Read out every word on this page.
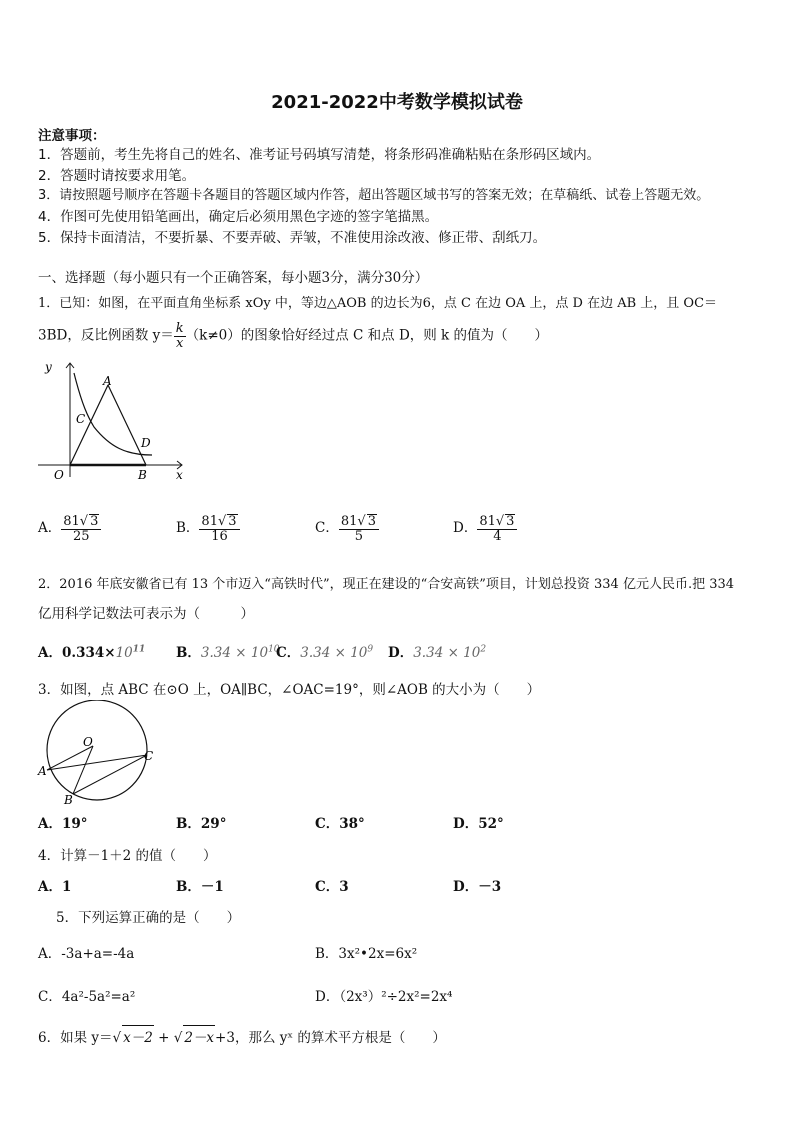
2021-2022中考数学模拟试卷
注意事项：
1．答题前，考生先将自己的姓名、准考证号码填写清楚，将条形码准确粘贴在条形码区域内。
2．答题时请按要求用笔。
3．请按照题号顺序在答题卡各题目的答题区域内作答，超出答题区域书写的答案无效；在草稿纸、试卷上答题无效。
4．作图可先使用铅笔画出，确定后必须用黑色字迹的签字笔描黑。
5．保持卡面清洁，不要折暴、不要弄破、弄皱，不准使用涂改液、修正带、刮纸刀。
一、选择题（每小题只有一个正确答案，每小题3分，满分30分）
1．已知：如图，在平面直角坐标系 xOy 中，等边△AOB 的边长为6，点 C 在边 OA 上，点 D 在边 AB 上，且 OC＝
3BD，反比例函数 $y= \frac{k}{x} (k\ne 0)$的图象恰好经过点 C 和点 D，则 k 的值为（　　）
y
x
A
C
D
O	B
A． $\frac{81√ 3}{25}$	B． $\frac{81√ 3}{16}$	C． $\frac{81√ 3}{5}$	D． $\frac{81√ 3}{4}$
2．2016 年底安徽省已有 13 个市迈入“高铁时代”，现正在建设的“合安高铁”项目，计划总投资 334 亿元人民币.把 334
亿用科学记数法可表示为（　　　）
A．$0.334\times 10^{11}$ B．$3.34 \times 10^{10}$
C．$3.34 \times 10^9$ D．$3.34 \times 10^2$
3．如图，点 ABC 在⊙O 上，OA∥BC，∠OAC=19°，则∠AOB 的大小为（　　）
O
A
B
C
A．19°	B．29°	C．38°	D．52°
4．计算－1＋2 的值（　　）
A．1	B．－1	C．3	D．－3
5．下列运算正确的是（　　）
A．-3a+a=-4a	B．3x²•2x=6x²
C．4a²-5a²=a²	D．（2x³）²÷2x²=2x⁴
6．如果 y＝√ x－2 + √ 2－x+3，那么 yˣ 的算术平方根是（　　）
